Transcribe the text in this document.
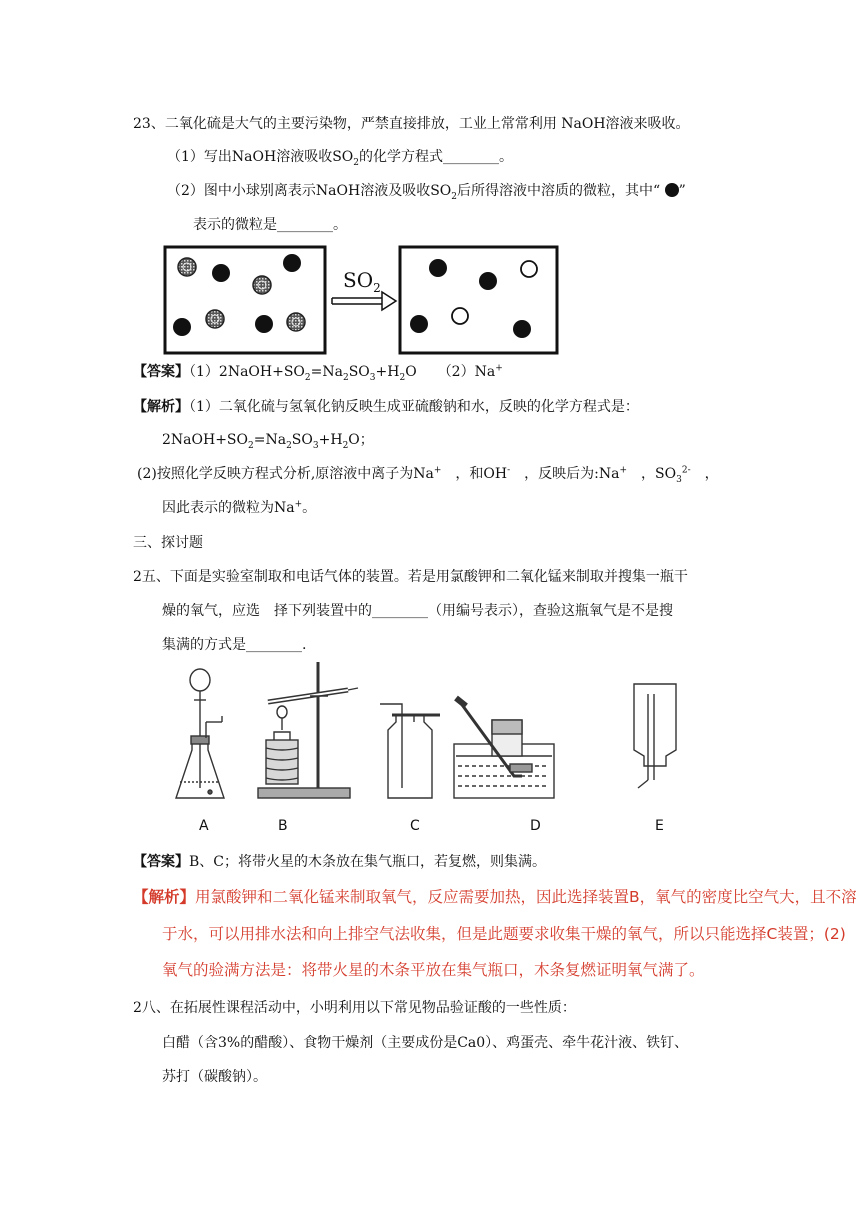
23、二氧化硫是大气的主要污染物，严禁直接排放，工业上常常利用 NaOH溶液来吸收。
（1）写出NaOH溶液吸收$SO_2$的化学方程式________。
（2）图中小球别离表示NaOH溶液及吸收$SO_2$后所得溶液中溶质的微粒，其中“ ”
表示的微粒是________。
$SO_2$
【答案】$(1)2NaOH+SO_2=Na_2SO_3+H_2O$　　 （2）Na+
【解析】（1）二氧化硫与氢氧化钠反映生成亚硫酸钠和水，反映的化学方程式是：
$2NaOH+SO_2=Na_2SO_3+H_2O$；
(2)按照化学反映方程式分析,原溶液中离子为Na+　，和OH-　，反映后为:Na+　，$SO_3^{2-}$　，
因此表示的微粒为Na+。
三、探讨题
2五、下面是实验室制取和电话气体的装置。若是用氯酸钾和二氧化锰来制取并搜集一瓶干
燥的氧气，应选　择下列装置中的________（用编号表示），查验这瓶氧气是不是搜
集满的方式是________.
A	B	C	D	E
【答案】B、C；将带火星的木条放在集气瓶口，若复燃，则集满。
【解析】用氯酸钾和二氧化锰来制取氧气，反应需要加热，因此选择装置B，氧气的密度比空气大，且不溶
于水，可以用排水法和向上排空气法收集，但是此题要求收集干燥的氧气，所以只能选择C装置；(2)
氧气的验满方法是：将带火星的木条平放在集气瓶口，木条复燃证明氧气满了。
2八、在拓展性课程活动中，小明利用以下常见物品验证酸的一些性质：
白醋（含3%的醋酸）、食物干燥剂（主要成份是Ca0）、鸡蛋壳、牵牛花汁液、铁钉、
苏打（碳酸钠）。
